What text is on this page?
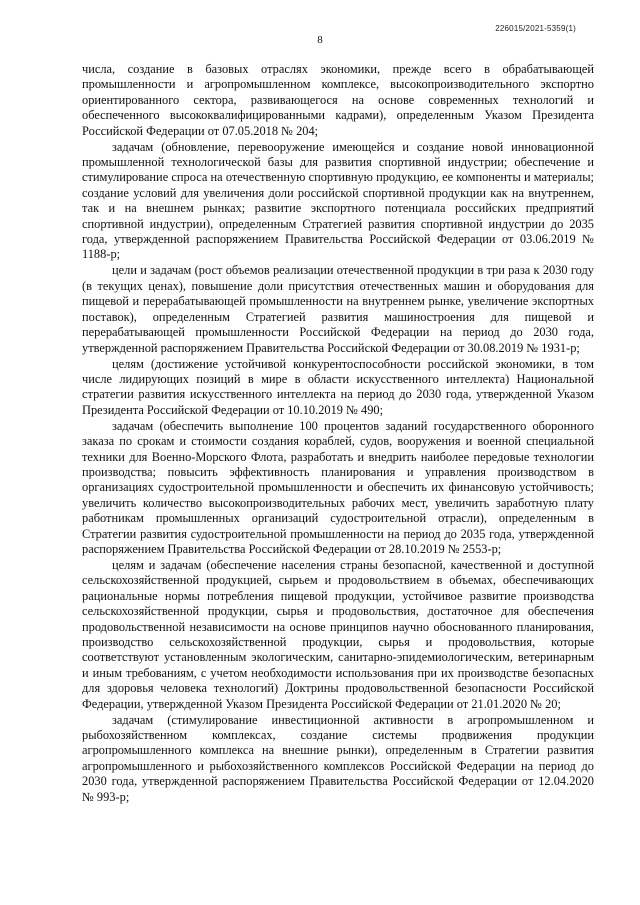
226015/2021-5359(1)
8

числа, создание в базовых отраслях экономики, прежде всего в обрабатывающей промышленности и агропромышленном комплексе, высокопроизводительного экспортно ориентированного сектора, развивающегося на основе современных технологий и обеспеченного высококвалифицированными кадрами), определенным Указом Президента Российской Федерации от 07.05.2018 № 204;

задачам (обновление, перевооружение имеющейся и создание новой инновационной промышленной технологической базы для развития спортивной индустрии; обеспечение и стимулирование спроса на отечественную спортивную продукцию, ее компоненты и материалы; создание условий для увеличения доли российской спортивной продукции как на внутреннем, так и на внешнем рынках; развитие экспортного потенциала российских предприятий спортивной индустрии), определенным Стратегией развития спортивной индустрии до 2035 года, утвержденной распоряжением Правительства Российской Федерации от 03.06.2019 № 1188-р;

цели и задачам (рост объемов реализации отечественной продукции в три раза к 2030 году (в текущих ценах), повышение доли присутствия отечественных машин и оборудования для пищевой и перерабатывающей промышленности на внутреннем рынке, увеличение экспортных поставок), определенным Стратегией развития машиностроения для пищевой и перерабатывающей промышленности Российской Федерации на период до 2030 года, утвержденной распоряжением Правительства Российской Федерации от 30.08.2019 № 1931-р;

целям (достижение устойчивой конкурентоспособности российской экономики, в том числе лидирующих позиций в мире в области искусственного интеллекта) Национальной стратегии развития искусственного интеллекта на период до 2030 года, утвержденной Указом Президента Российской Федерации от 10.10.2019 № 490;

задачам (обеспечить выполнение 100 процентов заданий государственного оборонного заказа по срокам и стоимости создания кораблей, судов, вооружения и военной специальной техники для Военно-Морского Флота, разработать и внедрить наиболее передовые технологии производства; повысить эффективность планирования и управления производством в организациях судостроительной промышленности и обеспечить их финансовую устойчивость; увеличить количество высокопроизводительных рабочих мест, увеличить заработную плату работникам промышленных организаций судостроительной отрасли), определенным в Стратегии развития судостроительной промышленности на период до 2035 года, утвержденной распоряжением Правительства Российской Федерации от 28.10.2019 № 2553-р;

целям и задачам (обеспечение населения страны безопасной, качественной и доступной сельскохозяйственной продукцией, сырьем и продовольствием в объемах, обеспечивающих рациональные нормы потребления пищевой продукции, устойчивое развитие производства сельскохозяйственной продукции, сырья и продовольствия, достаточное для обеспечения продовольственной независимости на основе принципов научно обоснованного планирования, производство сельскохозяйственной продукции, сырья и продовольствия, которые соответствуют установленным экологическим, санитарно-эпидемиологическим, ветеринарным и иным требованиям, с учетом необходимости использования при их производстве безопасных для здоровья человека технологий) Доктрины продовольственной безопасности Российской Федерации, утвержденной Указом Президента Российской Федерации от 21.01.2020 № 20;

задачам (стимулирование инвестиционной активности в агропромышленном и рыбохозяйственном комплексах, создание системы продвижения продукции агропромышленного комплекса на внешние рынки), определенным в Стратегии развития агропромышленного и рыбохозяйственного комплексов Российской Федерации на период до 2030 года, утвержденной распоряжением Правительства Российской Федерации от 12.04.2020 № 993-р;
